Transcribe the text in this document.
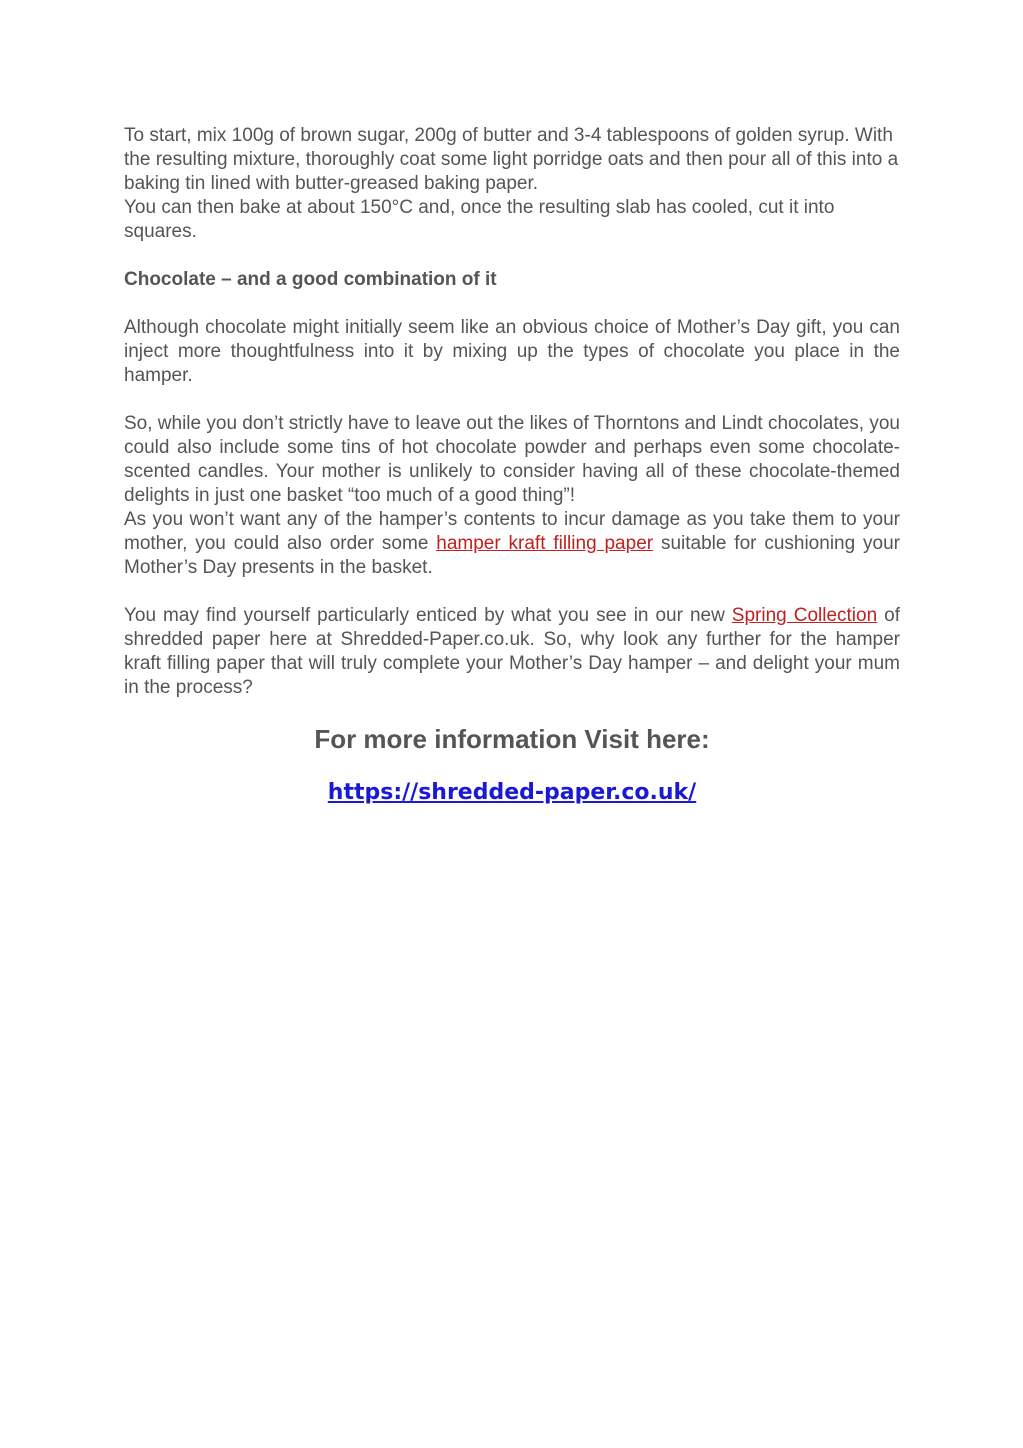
To start, mix 100g of brown sugar, 200g of butter and 3-4 tablespoons of golden syrup. With the resulting mixture, thoroughly coat some light porridge oats and then pour all of this into a baking tin lined with butter-greased baking paper.
You can then bake at about 150°C and, once the resulting slab has cooled, cut it into squares.

Chocolate – and a good combination of it

Although chocolate might initially seem like an obvious choice of Mother’s Day gift, you can inject more thoughtfulness into it by mixing up the types of chocolate you place in the hamper.

So, while you don’t strictly have to leave out the likes of Thorntons and Lindt chocolates, you could also include some tins of hot chocolate powder and perhaps even some chocolate-scented candles. Your mother is unlikely to consider having all of these chocolate-themed delights in just one basket “too much of a good thing”!
As you won’t want any of the hamper’s contents to incur damage as you take them to your mother, you could also order some hamper kraft filling paper suitable for cushioning your Mother’s Day presents in the basket.

You may find yourself particularly enticed by what you see in our new Spring Collection of shredded paper here at Shredded-Paper.co.uk. So, why look any further for the hamper kraft filling paper that will truly complete your Mother’s Day hamper – and delight your mum in the process?

For more information Visit here:

https://shredded-paper.co.uk/
